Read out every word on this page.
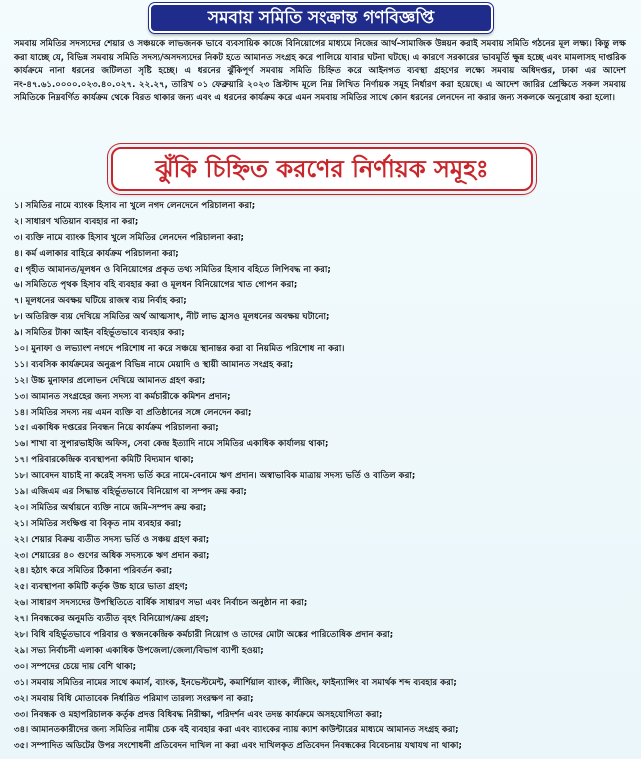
সমবায় সমিতি সংক্রান্ত গণবিজ্ঞপ্তি
সমবায় সমিতির সদস্যদের শেয়ার ও সঞ্চয়কে লাভজনক ভাবে ব্যবসায়িক কাজে বিনিয়োগের মাধ্যমে নিজের আর্থ-সামাজিক উন্নয়ন করাই সমবায় সমিতি গঠনের মূল লক্ষ্য। কিন্তু লক্ষ করা যাচ্ছে যে, বিভিন্ন সমবায় সমিতি সদস্য/অসদস্যদের নিকট হতে আমানত সংগ্রহ করে পালিয়ে যাবার ঘটনা ঘটছে। এ কারণে সরকারের ভাবমূর্তি ক্ষুন্ন হচ্ছে এবং মামলাসহ দাপ্তরিক কার্যক্রমে নানা ধরনের জটিলতা সৃষ্টি হচ্ছে। এ ধরনের ঝুঁকিপূর্ণ সমবায় সমিতি চিহ্নিত করে আইনগত ব্যবস্থা গ্রহণের লক্ষ্যে সমবায় অধিদপ্তর, ঢাকা এর আদেশ নং-৪৭.৬১.০০০০.০২৩.৪০.০২৭. ২২.২৭, তারিখ ০১ ফেব্রুয়ারি ২০২৩ খ্রিস্টাব্দ মূলে নিম্ন লিখিত নির্ণায়ক সমূহ নির্ধারণ করা হয়েছে। এ আদেশ জারির প্রেক্ষিতে সকল সমবায় সমিতিকে নিম্নবর্ণিত কার্যক্রম থেকে বিরত থাকার জন্য এবং এ ধরনের কার্যক্রম করে এমন সমবায় সমিতির সাথে কোন ধরনের লেনদেন না করার জন্য সকলকে অনুরোধ করা হলো।
ঝুঁকি চিহ্নিত করণের নির্ণায়ক সমূহঃ
১। সমিতির নামে ব্যাংক হিসাব না খুলে নগদ লেনদেনে পরিচালনা করা;
২। সাধারণ খতিয়ান ব্যবহার না করা;
৩। ব্যক্তি নামে ব্যাংক হিসাব খুলে সমিতির লেনদেন পরিচালনা করা;
৪। কর্ম এলাকার বাহিরে কার্যক্রম পরিচালনা করা;
৫। গৃহীত আমানত/মূলধন ও বিনিয়োগের প্রকৃত তথ্য সমিতির হিসাব বহিতে লিপিবদ্ধ না করা;
৬। সমিতিতে পৃথক হিসাব বহি ব্যবহার করা ও মূলধন বিনিয়োগের খাত গোপন করা;
৭। মূলধনের অবক্ষয় ঘটিয়ে রাজস্ব ব্যয় নির্বাহ করা;
৮। অতিরিক্ত ব্যয় দেখিয়ে সমিতির অর্থ আত্মসাৎ, নীট লাভ হ্রাসও মূলধনের অবক্ষয় ঘটানো;
৯। সমিতির টাকা আইন বহির্ভূতভাবে ব্যবহার করা;
১০। মুনাফা ও লভ্যাংশ নগদে পরিশোধ না করে সঞ্চয়ে স্থানান্তর করা বা নিয়মিত পরিশোধ না করা।
১১। ব্যবসিক কার্যক্রমের অনুরূপ বিভিন্ন নামে মেয়াদি ও স্থায়ী আমানত সংগ্রহ করা;
১২। উচ্চ মুনাফার প্রলোভন দেখিয়ে আমানত গ্রহণ করা;
১৩। আমানত সংগ্রহের জন্য সদস্য বা কর্মচারীকে কমিশন প্রদান;
১৪। সমিতির সদস্য নয় এমন ব্যক্তি বা প্রতিষ্ঠানের সঙ্গে লেনদেন করা;
১৫। একাধিক দপ্তরের নিবন্ধন নিয়ে কার্যক্রম পরিচালনা করা;
১৬। শাখা বা সুপারভাইজি অফিস, সেবা কেন্দ্র ইত্যাদি নামে সমিতির একাধিক কার্যালয় থাকা;
১৭। পরিবারকেন্দ্রিক ব্যবস্থাপনা কমিটি বিদ্যমান থাকা;
১৮। আবেদন যাচাই না করেই সদস্য ভর্তি করে নামে-বেনামে ঋণ প্রদান। অস্বাভাবিক মাত্রায় সদস্য ভর্তি ও বাতিল করা;
১৯। এজিএম এর সিদ্ধান্ত বহির্ভূতভাবে বিনিয়োগ বা সম্পদ ক্রয় করা;
২০। সমিতির অর্থায়নে ব্যক্তি নামে জমি-সম্পদ ক্রয় করা;
২১। সমিতির সংক্ষিপ্ত বা বিকৃত নাম ব্যবহার করা;
২২। শেয়ার বিক্রয় ব্যতীত সদস্য ভর্তি ও সঞ্চয় গ্রহণ করা;
২৩। শেয়ারের ৪০ গুণের অধিক সদস্যকে ঋণ প্রদান করা;
২৪। হঠাৎ করে সমিতির ঠিকানা পরিবর্তন করা;
২৫। ব্যবস্থাপনা কমিটি কর্তৃক উচ্চ হারে ভাতা গ্রহণ;
২৬। সাধারণ সদস্যদের উপস্থিতিতে বার্ষিক সাধারণ সভা এবং নির্বাচন অনুষ্ঠান না করা;
২৭। নিবন্ধকের অনুমতি ব্যতীত বৃহৎ বিনিয়োগ/ক্রয় গ্রহণ;
২৮। বিধি বহির্ভূতভাবে পরিবার ও স্বজনকেন্দ্রিক কর্মচারী নিয়োগ ও তাদের মোটা অঙ্কের পারিতোষিক প্রদান করা;
২৯। সভ্য নির্বাচনী এলাকা একাধিক উপজেলা/জেলা/বিভাগ ব্যাপী হওয়া;
৩০। সম্পদের চেয়ে দায় বেশি থাকা;
৩১। সমবায় সমিতির নামের সাথে কমার্স, ব্যাংক, ইনভেস্টমেন্ট, কমার্শিয়াল ব্যাংক, লীজিং, ফাইন্যান্সিং বা সমার্থক শব্দ ব্যবহার করা;
৩২। সমবায় বিধি মোতাবেক নির্ধারিত পরিমাণ তারল্য সংরক্ষণ না করা;
৩৩। নিবন্ধক ও মহাপরিচালক কর্তৃক প্রদত্ত বিধিবদ্ধ নিরীক্ষা, পরিদর্শন এবং তদন্ত কার্যক্রমে অসহযোগিতা করা;
৩৪। আমানতকারীদের জন্য সমিতির নামীয় চেক বই ব্যবহার করা এবং ব্যাংকের ন্যায় ক্যাশ কাউন্টারের মাধ্যমে আমানত সংগ্রহ করা;
৩৫। সম্পাদিত অডিটের উপর সংশোধনী প্রতিবেদন দাখিল না করা এবং দাখিলকৃত প্রতিবেদন নিবন্ধকের বিবেচনায় যথাযথ না থাকা;
